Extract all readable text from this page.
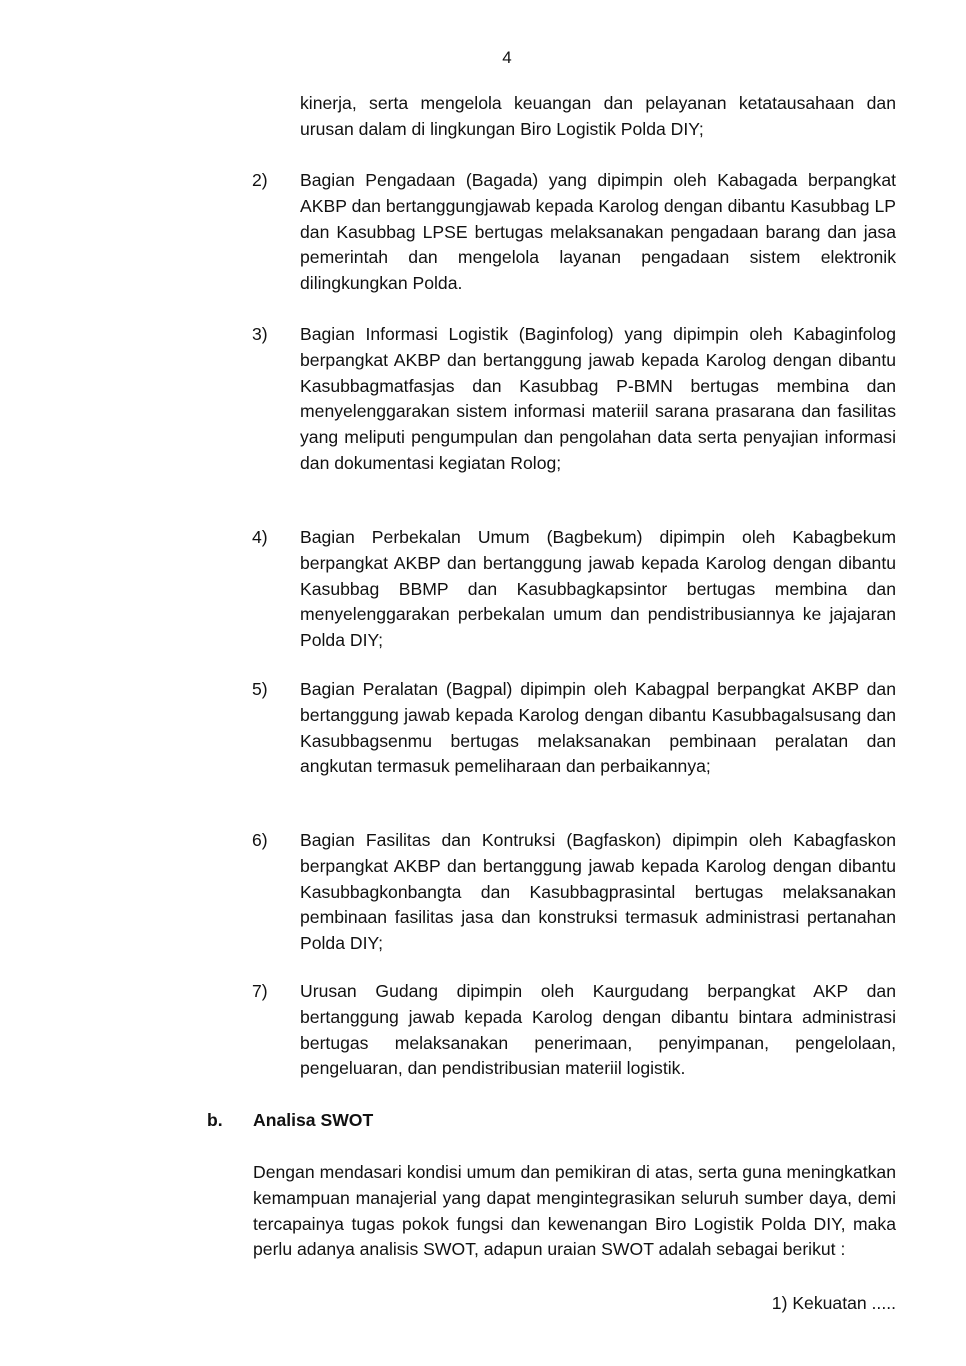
4
kinerja, serta mengelola keuangan dan pelayanan ketatausahaan dan urusan dalam di lingkungan Biro Logistik Polda DIY;
2)	Bagian Pengadaan (Bagada) yang dipimpin oleh Kabagada berpangkat AKBP dan bertanggungjawab kepada Karolog dengan dibantu Kasubbag LP dan Kasubbag LPSE bertugas melaksanakan pengadaan barang dan jasa pemerintah dan mengelola layanan pengadaan sistem elektronik dilingkungkan Polda.
3)	Bagian Informasi Logistik (Baginfolog) yang dipimpin oleh Kabaginfolog berpangkat AKBP dan bertanggung jawab kepada Karolog dengan dibantu Kasubbagmatfasjas dan Kasubbag P-BMN bertugas membina dan menyelenggarakan sistem informasi materiil sarana prasarana dan fasilitas yang meliputi pengumpulan dan pengolahan data serta penyajian informasi dan dokumentasi kegiatan Rolog;
4)	Bagian Perbekalan Umum (Bagbekum) dipimpin oleh Kabagbekum berpangkat AKBP dan bertanggung jawab kepada Karolog dengan dibantu Kasubbag BBMP dan Kasubbagkapsintor bertugas membina dan menyelenggarakan perbekalan umum dan pendistribusiannya ke jajajaran Polda DIY;
5)	Bagian Peralatan (Bagpal) dipimpin oleh Kabagpal berpangkat AKBP dan bertanggung jawab kepada Karolog dengan dibantu Kasubbagalsusang dan Kasubbagsenmu bertugas melaksanakan pembinaan peralatan dan angkutan termasuk pemeliharaan dan perbaikannya;
6)	Bagian Fasilitas dan Kontruksi (Bagfaskon) dipimpin oleh Kabagfaskon berpangkat AKBP dan bertanggung jawab kepada Karolog dengan dibantu Kasubbagkonbangta dan Kasubbagprasintal bertugas melaksanakan pembinaan fasilitas jasa dan konstruksi termasuk administrasi pertanahan Polda DIY;
7)	Urusan Gudang dipimpin oleh Kaurgudang berpangkat AKP dan bertanggung jawab kepada Karolog dengan dibantu bintara administrasi bertugas melaksanakan penerimaan, penyimpanan, pengelolaan, pengeluaran, dan pendistribusian materiil logistik.
b. Analisa SWOT
Dengan mendasari kondisi umum dan pemikiran di atas, serta guna meningkatkan kemampuan manajerial yang dapat mengintegrasikan seluruh sumber daya, demi tercapainya tugas pokok fungsi dan kewenangan Biro Logistik Polda DIY, maka perlu adanya analisis SWOT, adapun uraian SWOT adalah sebagai berikut :
1) Kekuatan .....
